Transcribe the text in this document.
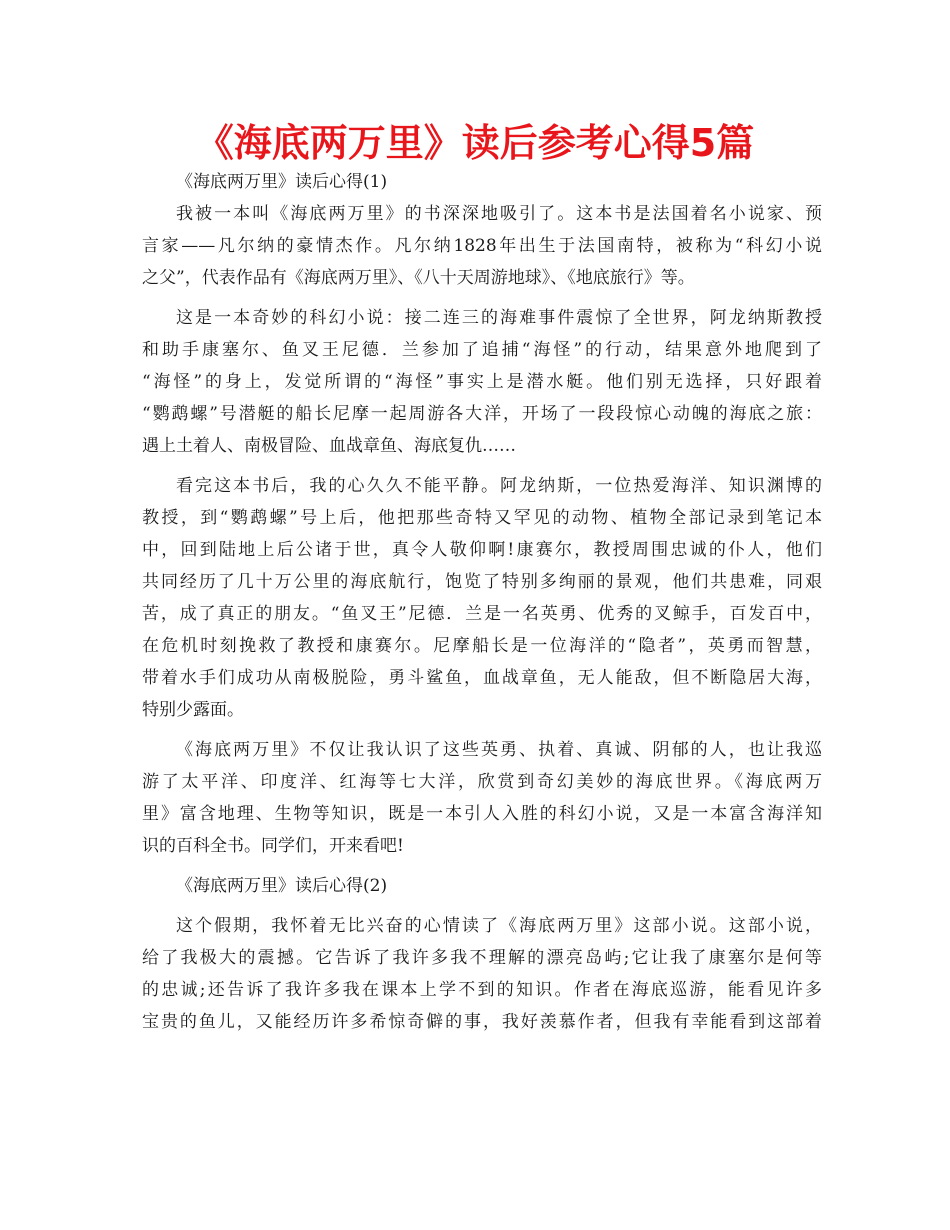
《海底两万里》读后参考心得5篇
《海底两万里》读后心得(1)
我被一本叫《海底两万里》的书深深地吸引了。这本书是法国着名小说家、预
言家——凡尔纳的豪情杰作。凡尔纳1828年出生于法国南特，被称为“科幻小说
之父”，代表作品有《海底两万里》、《八十天周游地球》、《地底旅行》等。
这是一本奇妙的科幻小说：接二连三的海难事件震惊了全世界，阿龙纳斯教授
和助手康塞尔、鱼叉王尼德．兰参加了追捕“海怪”的行动，结果意外地爬到了
“海怪”的身上，发觉所谓的“海怪”事实上是潜水艇。他们别无选择，只好跟着
“鹦鹉螺”号潜艇的船长尼摩一起周游各大洋，开场了一段段惊心动魄的海底之旅：
遇上土着人、南极冒险、血战章鱼、海底复仇……
看完这本书后，我的心久久不能平静。阿龙纳斯，一位热爱海洋、知识渊博的
教授，到“鹦鹉螺”号上后，他把那些奇特又罕见的动物、植物全部记录到笔记本
中，回到陆地上后公诸于世，真令人敬仰啊!康赛尔，教授周围忠诚的仆人，他们
共同经历了几十万公里的海底航行，饱览了特别多绚丽的景观，他们共患难，同艰
苦，成了真正的朋友。“鱼叉王”尼德．兰是一名英勇、优秀的叉鲸手，百发百中，
在危机时刻挽救了教授和康赛尔。尼摩船长是一位海洋的“隐者”，英勇而智慧，
带着水手们成功从南极脱险，勇斗鲨鱼，血战章鱼，无人能敌，但不断隐居大海，
特别少露面。
《海底两万里》不仅让我认识了这些英勇、执着、真诚、阴郁的人，也让我巡
游了太平洋、印度洋、红海等七大洋，欣赏到奇幻美妙的海底世界。《海底两万
里》富含地理、生物等知识，既是一本引人入胜的科幻小说，又是一本富含海洋知
识的百科全书。同学们，开来看吧!
《海底两万里》读后心得(2)
这个假期，我怀着无比兴奋的心情读了《海底两万里》这部小说。这部小说，
给了我极大的震撼。它告诉了我许多我不理解的漂亮岛屿;它让我了康塞尔是何等
的忠诚;还告诉了我许多我在课本上学不到的知识。作者在海底巡游，能看见许多
宝贵的鱼儿，又能经历许多希惊奇僻的事，我好羡慕作者，但我有幸能看到这部着
